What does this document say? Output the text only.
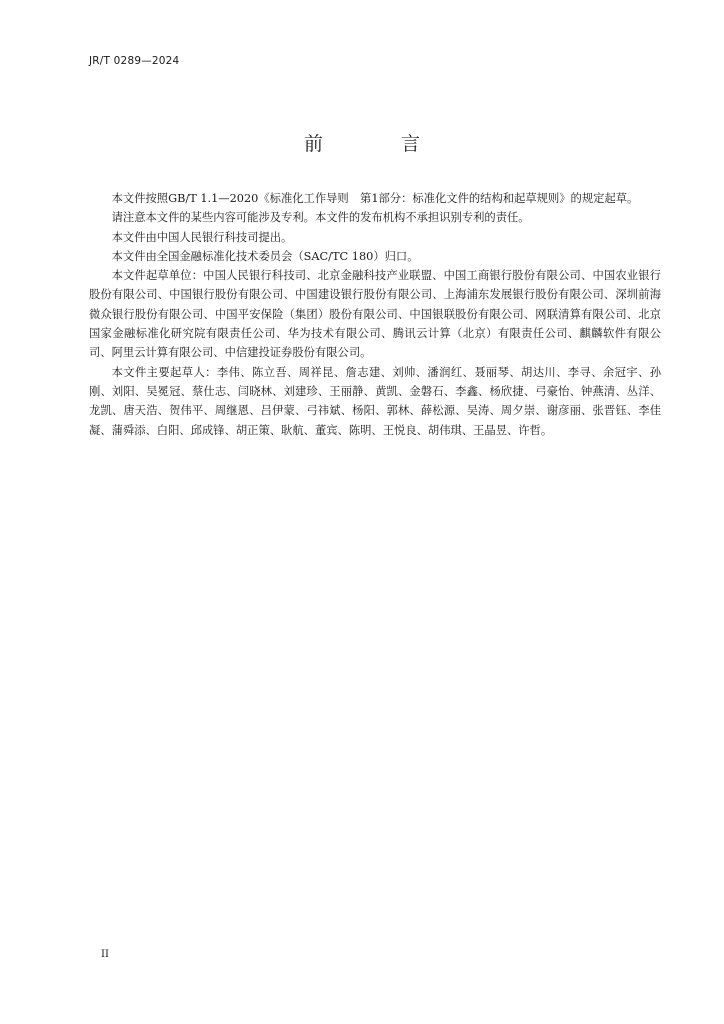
JR/T 0289—2024
前 言

本文件按照GB/T 1.1—2020《标准化工作导则　第1部分：标准化文件的结构和起草规则》的规定起草。

请注意本文件的某些内容可能涉及专利。本文件的发布机构不承担识别专利的责任。

本文件由中国人民银行科技司提出。

本文件由全国金融标准化技术委员会（SAC/TC 180）归口。

本文件起草单位：中国人民银行科技司、北京金融科技产业联盟、中国工商银行股份有限公司、中国农业银行股份有限公司、中国银行股份有限公司、中国建设银行股份有限公司、上海浦东发展银行股份有限公司、深圳前海微众银行股份有限公司、中国平安保险（集团）股份有限公司、中国银联股份有限公司、网联清算有限公司、北京国家金融标准化研究院有限责任公司、华为技术有限公司、腾讯云计算（北京）有限责任公司、麒麟软件有限公司、阿里云计算有限公司、中信建投证券股份有限公司。

本文件主要起草人：李伟、陈立吾、周祥昆、詹志建、刘帅、潘润红、聂丽琴、胡达川、李寻、余冠宇、孙刚、刘阳、吴冕冠、蔡仕志、闫晓林、刘建珍、王丽静、黄凯、金磐石、李鑫、杨欣捷、弓豪怡、钟燕清、丛洋、龙凯、唐天浩、贺伟平、周继恩、吕伊蒙、弓祎斌、杨阳、郭林、薛松源、吴涛、周夕崇、谢彦丽、张晋钰、李佳凝、蒲舜添、白阳、邱成锋、胡正策、耿航、董宾、陈明、王悦良、胡伟琪、王晶昱、许哲。

II
